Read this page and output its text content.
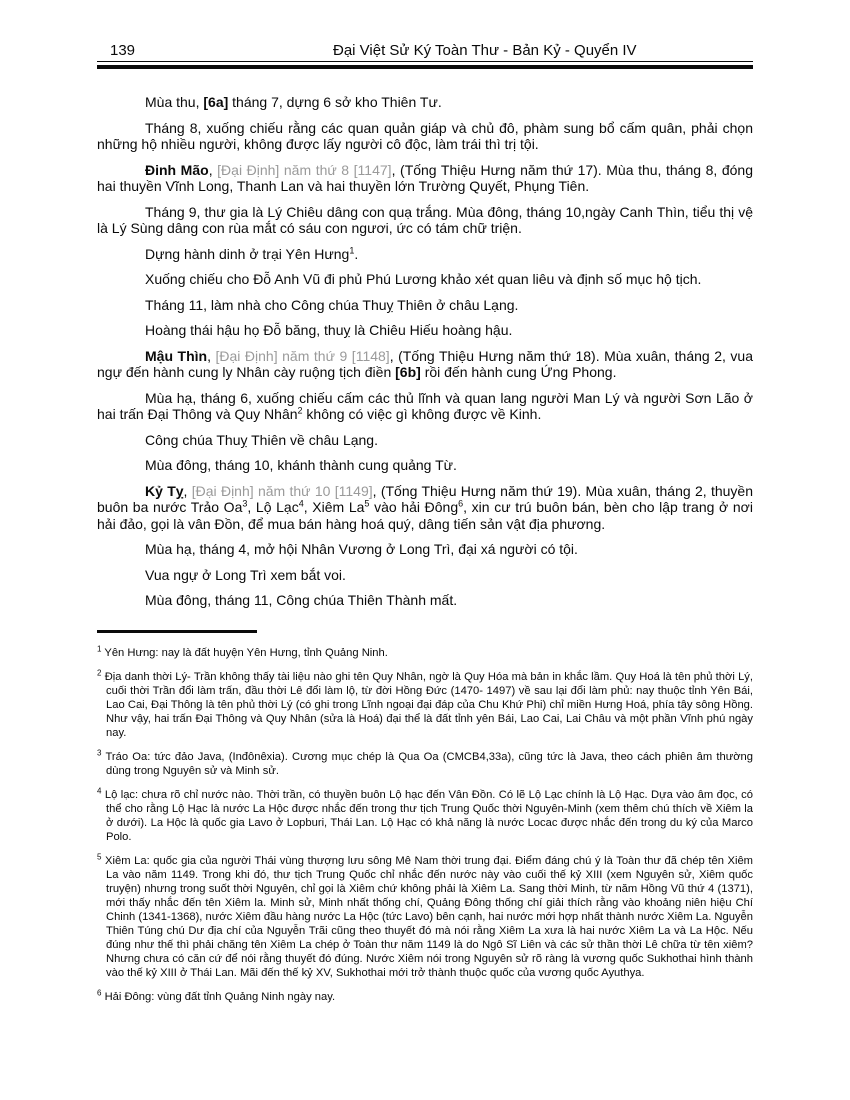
139	Đại Việt Sử Ký Toàn Thư - Bản Kỷ - Quyển IV

Mùa thu, [6a] tháng 7, dựng 6 sở kho Thiên Tư.

Tháng 8, xuống chiếu rằng các quan quản giáp và chủ đô, phàm sung bổ cấm quân, phải chọn những hộ nhiều người, không được lấy người cô độc, làm trái thì trị tội.

Đinh Mão, [Đại Định] năm thứ 8 [1147], (Tống Thiệu Hưng năm thứ 17). Mùa thu, tháng 8, đóng hai thuyền Vĩnh Long, Thanh Lan và hai thuyền lớn Trường Quyết, Phụng Tiên.

Tháng 9, thư gia là Lý Chiêu dâng con quạ trắng. Mùa đông, tháng 10,ngày Canh Thìn, tiểu thị vệ là Lý Sùng dâng con rùa mắt có sáu con ngươi, ức có tám chữ triện.

Dựng hành dinh ở trại Yên Hưng$^1$.

Xuống chiếu cho Đỗ Anh Vũ đi phủ Phú Lương khảo xét quan liêu và định số mục hộ tịch.

Tháng 11, làm nhà cho Công chúa Thuỵ Thiên ở châu Lạng.

Hoàng thái hậu họ Đỗ băng, thuỵ là Chiêu Hiếu hoàng hậu.

Mậu Thìn, [Đại Định] năm thứ 9 [1148], (Tống Thiệu Hưng năm thứ 18). Mùa xuân, tháng 2, vua ngự đến hành cung ly Nhân cày ruộng tịch điền [6b] rồi đến hành cung Ứng Phong.

Mùa hạ, tháng 6, xuống chiếu cấm các thủ lĩnh và quan lang người Man Lý và người Sơn Lão ở hai trấn Đại Thông và Quy Nhân$^2$ không có việc gì không được về Kinh.

Công chúa Thuỵ Thiên về châu Lạng.

Mùa đông, tháng 10, khánh thành cung quảng Từ.

Kỷ Tỵ, [Đại Định] năm thứ 10 [1149], (Tống Thiệu Hưng năm thứ 19). Mùa xuân, tháng 2, thuyền buôn ba nước Trảo Oa$^3$, Lộ Lạc$^4$, Xiêm La$^5$ vào hải Đông$^6$, xin cư trú buôn bán, bèn cho lập trang ở nơi hải đảo, gọi là vân Đồn, để mua bán hàng hoá quý, dâng tiến sản vật địa phương.

Mùa hạ, tháng 4, mở hội Nhân Vương ở Long Trì, đại xá người có tội.

Vua ngự ở Long Trì xem bắt voi.

Mùa đông, tháng 11, Công chúa Thiên Thành mất.

$^1$ Yên Hưng: nay là đất huyện Yên Hưng, tỉnh Quảng Ninh.

$^2$ Địa danh thời Lý- Trần không thấy tài liệu nào ghi tên Quy Nhân, ngờ là Quy Hóa mà bản in khắc lầm. Quy Hoá là tên phủ thời Lý, cuối thời Trần đổi làm trấn, đầu thời Lê đổi làm lộ, từ đời Hồng Đức (1470- 1497) về sau lại đổi làm phủ: nay thuộc tỉnh Yên Bái, Lao Cai, Đại Thông là tên phủ thời Lý (có ghi trong Lĩnh ngoại đại đáp của Chu Khứ Phi) chỉ miền Hưng Hoá, phía tây sông Hồng. Như vậy, hai trấn Đại Thông và Quy Nhân (sửa là Hoá) đại thể là đất tỉnh yên Bái, Lao Cai, Lai Châu và một phần Vĩnh phú ngày nay.

$^3$ Tráo Oa: tức đảo Java, (Inđônêxia). Cương mục chép là Qua Oa (CMCB4,33a), cũng tức là Java, theo cách phiên âm thường dùng trong Nguyên sử và Minh sử.

$^4$ Lộ lạc: chưa rõ chỉ nước nào. Thời trần, có thuyền buôn Lộ hạc đến Vân Đồn. Có lẽ Lộ Lạc chính là Lộ Hạc. Dựa vào âm đọc, có thể cho rằng Lộ Hạc là nước La Hộc được nhắc đến trong thư tịch Trung Quốc thời Nguyên-Minh (xem thêm chú thích về Xiêm la ở dưới). La Hộc là quốc gia Lavo ở Lopburi, Thái Lan. Lộ Hạc có khả năng là nước Locac được nhắc đến trong du ký của Marco Polo.

$^5$ Xiêm La: quốc gia của người Thái vùng thượng lưu sông Mê Nam thời trung đại. Điểm đáng chú ý là Toàn thư đã chép tên Xiêm La vào năm 1149. Trong khi đó, thư tịch Trung Quốc chỉ nhắc đến nước này vào cuối thế kỷ XIII (xem Nguyên sử, Xiêm quốc truyện) nhưng trong suốt thời Nguyên, chỉ gọi là Xiêm chứ không phải là Xiêm La. Sang thời Minh, từ năm Hồng Vũ thứ 4 (1371), mới thấy nhắc đến tên Xiêm la. Minh sử, Minh nhất thống chí, Quảng Đông thống chí giải thích rằng vào khoảng niên hiệu Chí Chinh (1341-1368), nước Xiêm đầu hàng nước La Hộc (tức Lavo) bên cạnh, hai nước mới hợp nhất thành nước Xiêm La. Nguyễn Thiên Túng chú Dư địa chí của Nguyễn Trãi cũng theo thuyết đó mà nói rằng Xiêm La xưa là hai nước Xiêm La và La Hộc. Nếu đúng như thế thì phải chăng tên Xiêm La chép ở Toàn thư năm 1149 là do Ngô Sĩ Liên và các sử thần thời Lê chữa từ tên xiêm? Nhưng chưa có căn cứ để nói rằng thuyết đó đúng. Nước Xiêm nói trong Nguyên sử rõ ràng là vương quốc Sukhothai hình thành vào thế kỷ XIII ở Thái Lan. Mãi đến thế kỷ XV, Sukhothai mới trở thành thuộc quốc của vương quốc Ayuthya.

$^6$ Hải Đông: vùng đất tỉnh Quảng Ninh ngày nay.
